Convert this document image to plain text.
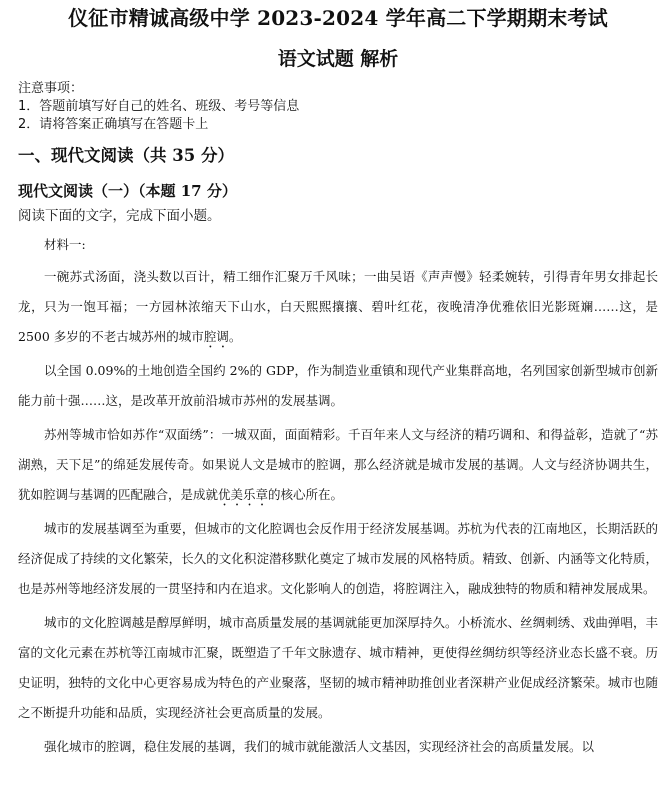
仪征市精诚高级中学 2023-2024 学年高二下学期期末考试
语文试题 解析

注意事项：

1．答题前填写好自己的姓名、班级、考号等信息

2．请将答案正确填写在答题卡上

一、现代文阅读（共 35 分）
现代文阅读（一）（本题 17 分）

阅读下面的文字，完成下面小题。

材料一:

一碗苏式汤面，浇头数以百计，精工细作汇聚万千风味；一曲吴语《声声慢》轻柔婉转，引得青年男女排起长龙，只为一饱耳福；一方园林浓缩天下山水，白天熙熙攘攘、碧叶红花，夜晚清净优雅依旧光影斑斓……这，是 2500 多岁的不老古城苏州的城市腔调。

以全国 0.09%的土地创造全国约 2%的 GDP，作为制造业重镇和现代产业集群高地，名列国家创新型城市创新能力前十强……这，是改革开放前沿城市苏州的发展基调。

苏州等城市恰如苏作“双面绣”：一城双面，面面精彩。千百年来人文与经济的精巧调和、和得益彰，造就了“苏湖熟，天下足”的绵延发展传奇。如果说人文是城市的腔调，那么经济就是城市发展的基调。人文与经济协调共生，犹如腔调与基调的匹配融合，是成就优美乐章的核心所在。

城市的发展基调至为重要，但城市的文化腔调也会反作用于经济发展基调。苏杭为代表的江南地区，长期活跃的经济促成了持续的文化繁荣，长久的文化积淀潜移默化奠定了城市发展的风格特质。精致、创新、内涵等文化特质，也是苏州等地经济发展的一贯坚持和内在追求。文化影响人的创造，将腔调注入，融成独特的物质和精神发展成果。

城市的文化腔调越是醇厚鲜明，城市高质量发展的基调就能更加深厚持久。小桥流水、丝绸刺绣、戏曲弹唱，丰富的文化元素在苏杭等江南城市汇聚，既塑造了千年文脉遗存、城市精神，更使得丝绸纺织等经济业态长盛不衰。历史证明，独特的文化中心更容易成为特色的产业聚落，坚韧的城市精神助推创业者深耕产业促成经济繁荣。城市也随之不断提升功能和品质，实现经济社会更高质量的发展。

强化城市的腔调，稳住发展的基调，我们的城市就能激活人文基因，实现经济社会的高质量发展。以
